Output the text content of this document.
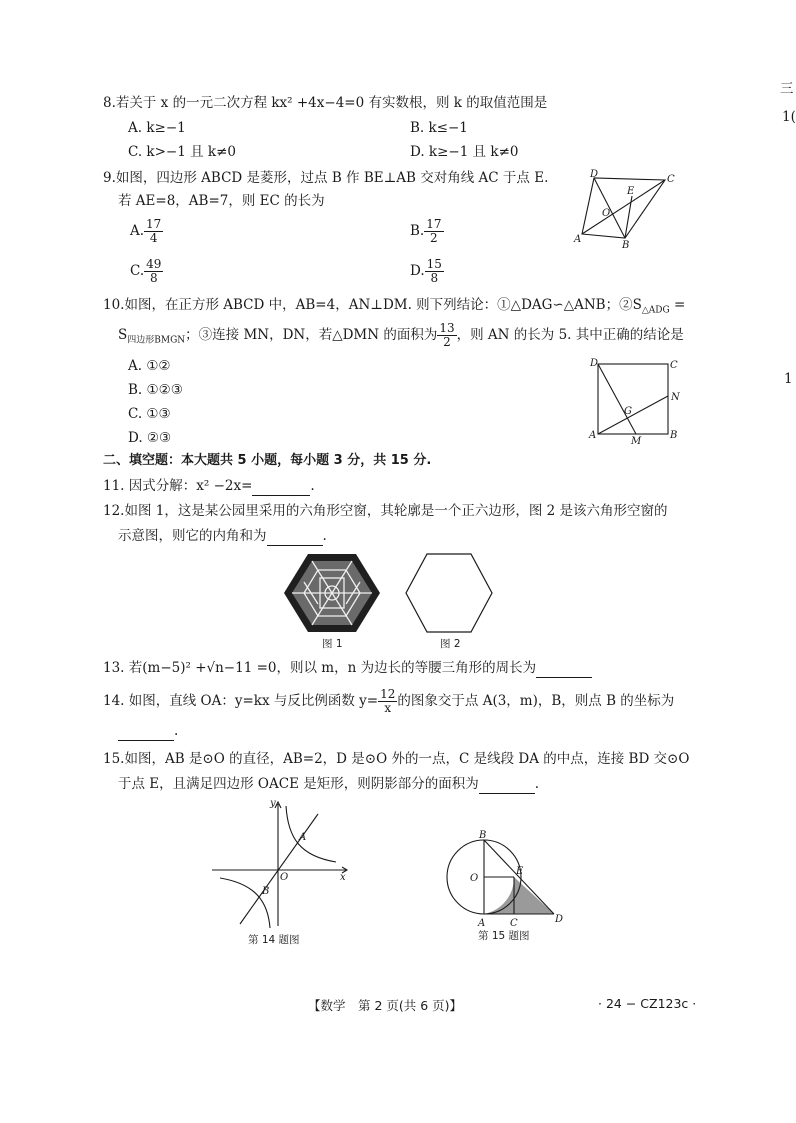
三
1(
1
8.若关于 x 的一元二次方程 kx² +4x−4=0 有实数根，则 k 的取值范围是
A. k≥−1	B. k≤−1
C. k>−1 且 k≠0	D. k≥−1 且 k≠0
9.如图，四边形 ABCD 是菱形，过点 B 作 BE⊥AB 交对角线 AC 于点 E.
若 AE=8，AB=7，则 EC 的长为
A. $\frac{17}{4}$	B. $\frac{17}{2}$
C. $\frac{49}{8}$	D. $\frac{15}{8}$
D
E
C
O
A
B
10.如图，在正方形 ABCD 中，AB=4，AN⊥DM. 则下列结论：①△DAG∽△ANB；$②S_{\triangle ADG}$ =
$S_{四边形BMGN}$；③连接 MN，DN，若△DMN 的面积为 $\frac{13}{2}$ ，则 AN 的长为 5. 其中正确的结论是
A. ①②
B. ①②③
C. ①③
D. ②③
D	C
N
G
A
M
B
二、填空题：本大题共 5 小题，每小题 3 分，共 15 分.
11. 因式分解：x² −2x=	.
12.如图 1，这是某公园里采用的六角形空窗，其轮廓是一个正六边形，图 2 是该六角形空窗的
示意图，则它的内角和为	.
图 1	图 2
13. 若(m−5)² +√n−11 =0，则以 m，n 为边长的等腰三角形的周长为
14. 如图，直线 OA：y=kx 与反比例函数 $y= \frac{12}{x}$ 的图象交于点 A(3，m)，B，则点 B 的坐标为
.
15.如图，AB 是⊙O 的直径，AB=2，D 是⊙O 外的一点，C 是线段 DA 的中点，连接 BD 交⊙O
于点 E，且满足四边形 OACE 是矩形，则阴影部分的面积为	.
y
x
O
A
B
第 14 题图
B
O
E
A C	D
第 15 题图
【数学　第 2 页(共 6 页)】	· 24 − CZ123c ·
